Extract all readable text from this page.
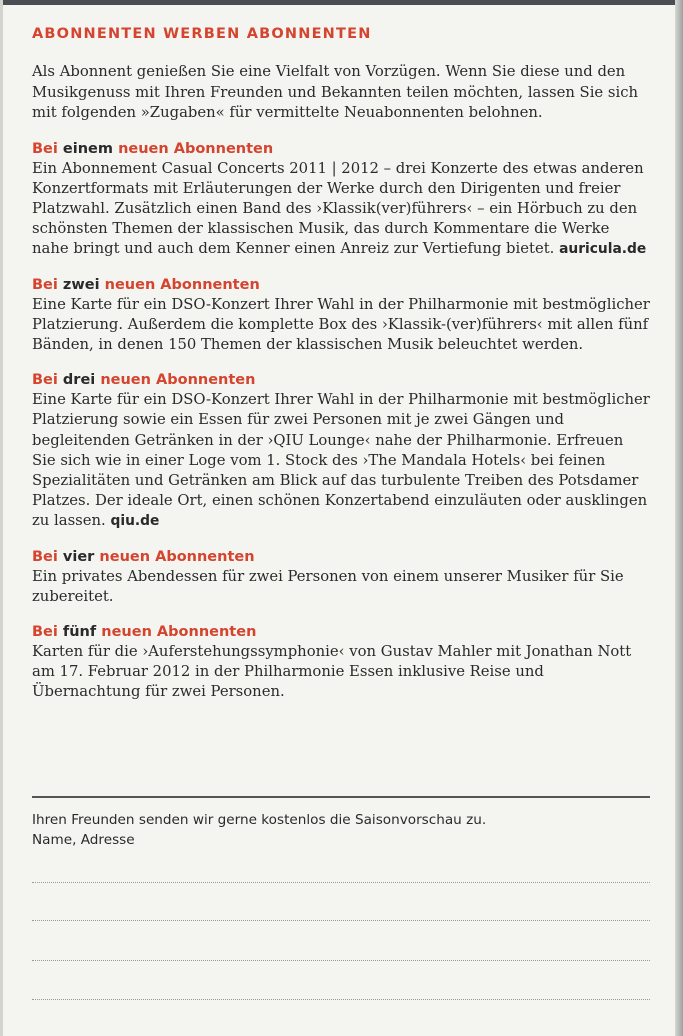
ABONNENTEN WERBEN ABONNENTEN

Als Abonnent genießen Sie eine Vielfalt von Vorzügen. Wenn Sie diese und den Musikgenuss mit Ihren Freunden und Bekannten teilen möchten, lassen Sie sich mit folgenden »Zugaben« für vermittelte Neuabonnenten belohnen.

Bei einem neuen Abonnenten

Ein Abonnement Casual Concerts 2011 | 2012 – drei Konzerte des etwas anderen Konzertformats mit Erläuterungen der Werke durch den Dirigenten und freier Platzwahl. Zusätzlich einen Band des ›Klassik(ver)führers‹ – ein Hörbuch zu den schönsten Themen der klassischen Musik, das durch Kommentare die Werke nahe bringt und auch dem Kenner einen Anreiz zur Vertiefung bietet. auricula.de

Bei zwei neuen Abonnenten

Eine Karte für ein DSO-Konzert Ihrer Wahl in der Philharmonie mit bestmöglicher Platzierung. Außerdem die komplette Box des ›Klassik-(ver)führers‹ mit allen fünf Bänden, in denen 150 Themen der klassischen Musik beleuchtet werden.

Bei drei neuen Abonnenten

Eine Karte für ein DSO-Konzert Ihrer Wahl in der Philharmonie mit bestmöglicher Platzierung sowie ein Essen für zwei Personen mit je zwei Gängen und begleitenden Getränken in der ›QIU Lounge‹ nahe der Philharmonie. Erfreuen Sie sich wie in einer Loge vom 1. Stock des ›The Mandala Hotels‹ bei feinen Spezialitäten und Getränken am Blick auf das turbulente Treiben des Potsdamer Platzes. Der ideale Ort, einen schönen Konzertabend einzuläuten oder ausklingen zu lassen. qiu.de

Bei vier neuen Abonnenten

Ein privates Abendessen für zwei Personen von einem unserer Musiker für Sie zubereitet.

Bei fünf neuen Abonnenten

Karten für die ›Auferstehungssymphonie‹ von Gustav Mahler mit Jonathan Nott am 17. Februar 2012 in der Philharmonie Essen inklusive Reise und Übernachtung für zwei Personen.

Ihren Freunden senden wir gerne kostenlos die Saisonvorschau zu.
Name, Adresse
